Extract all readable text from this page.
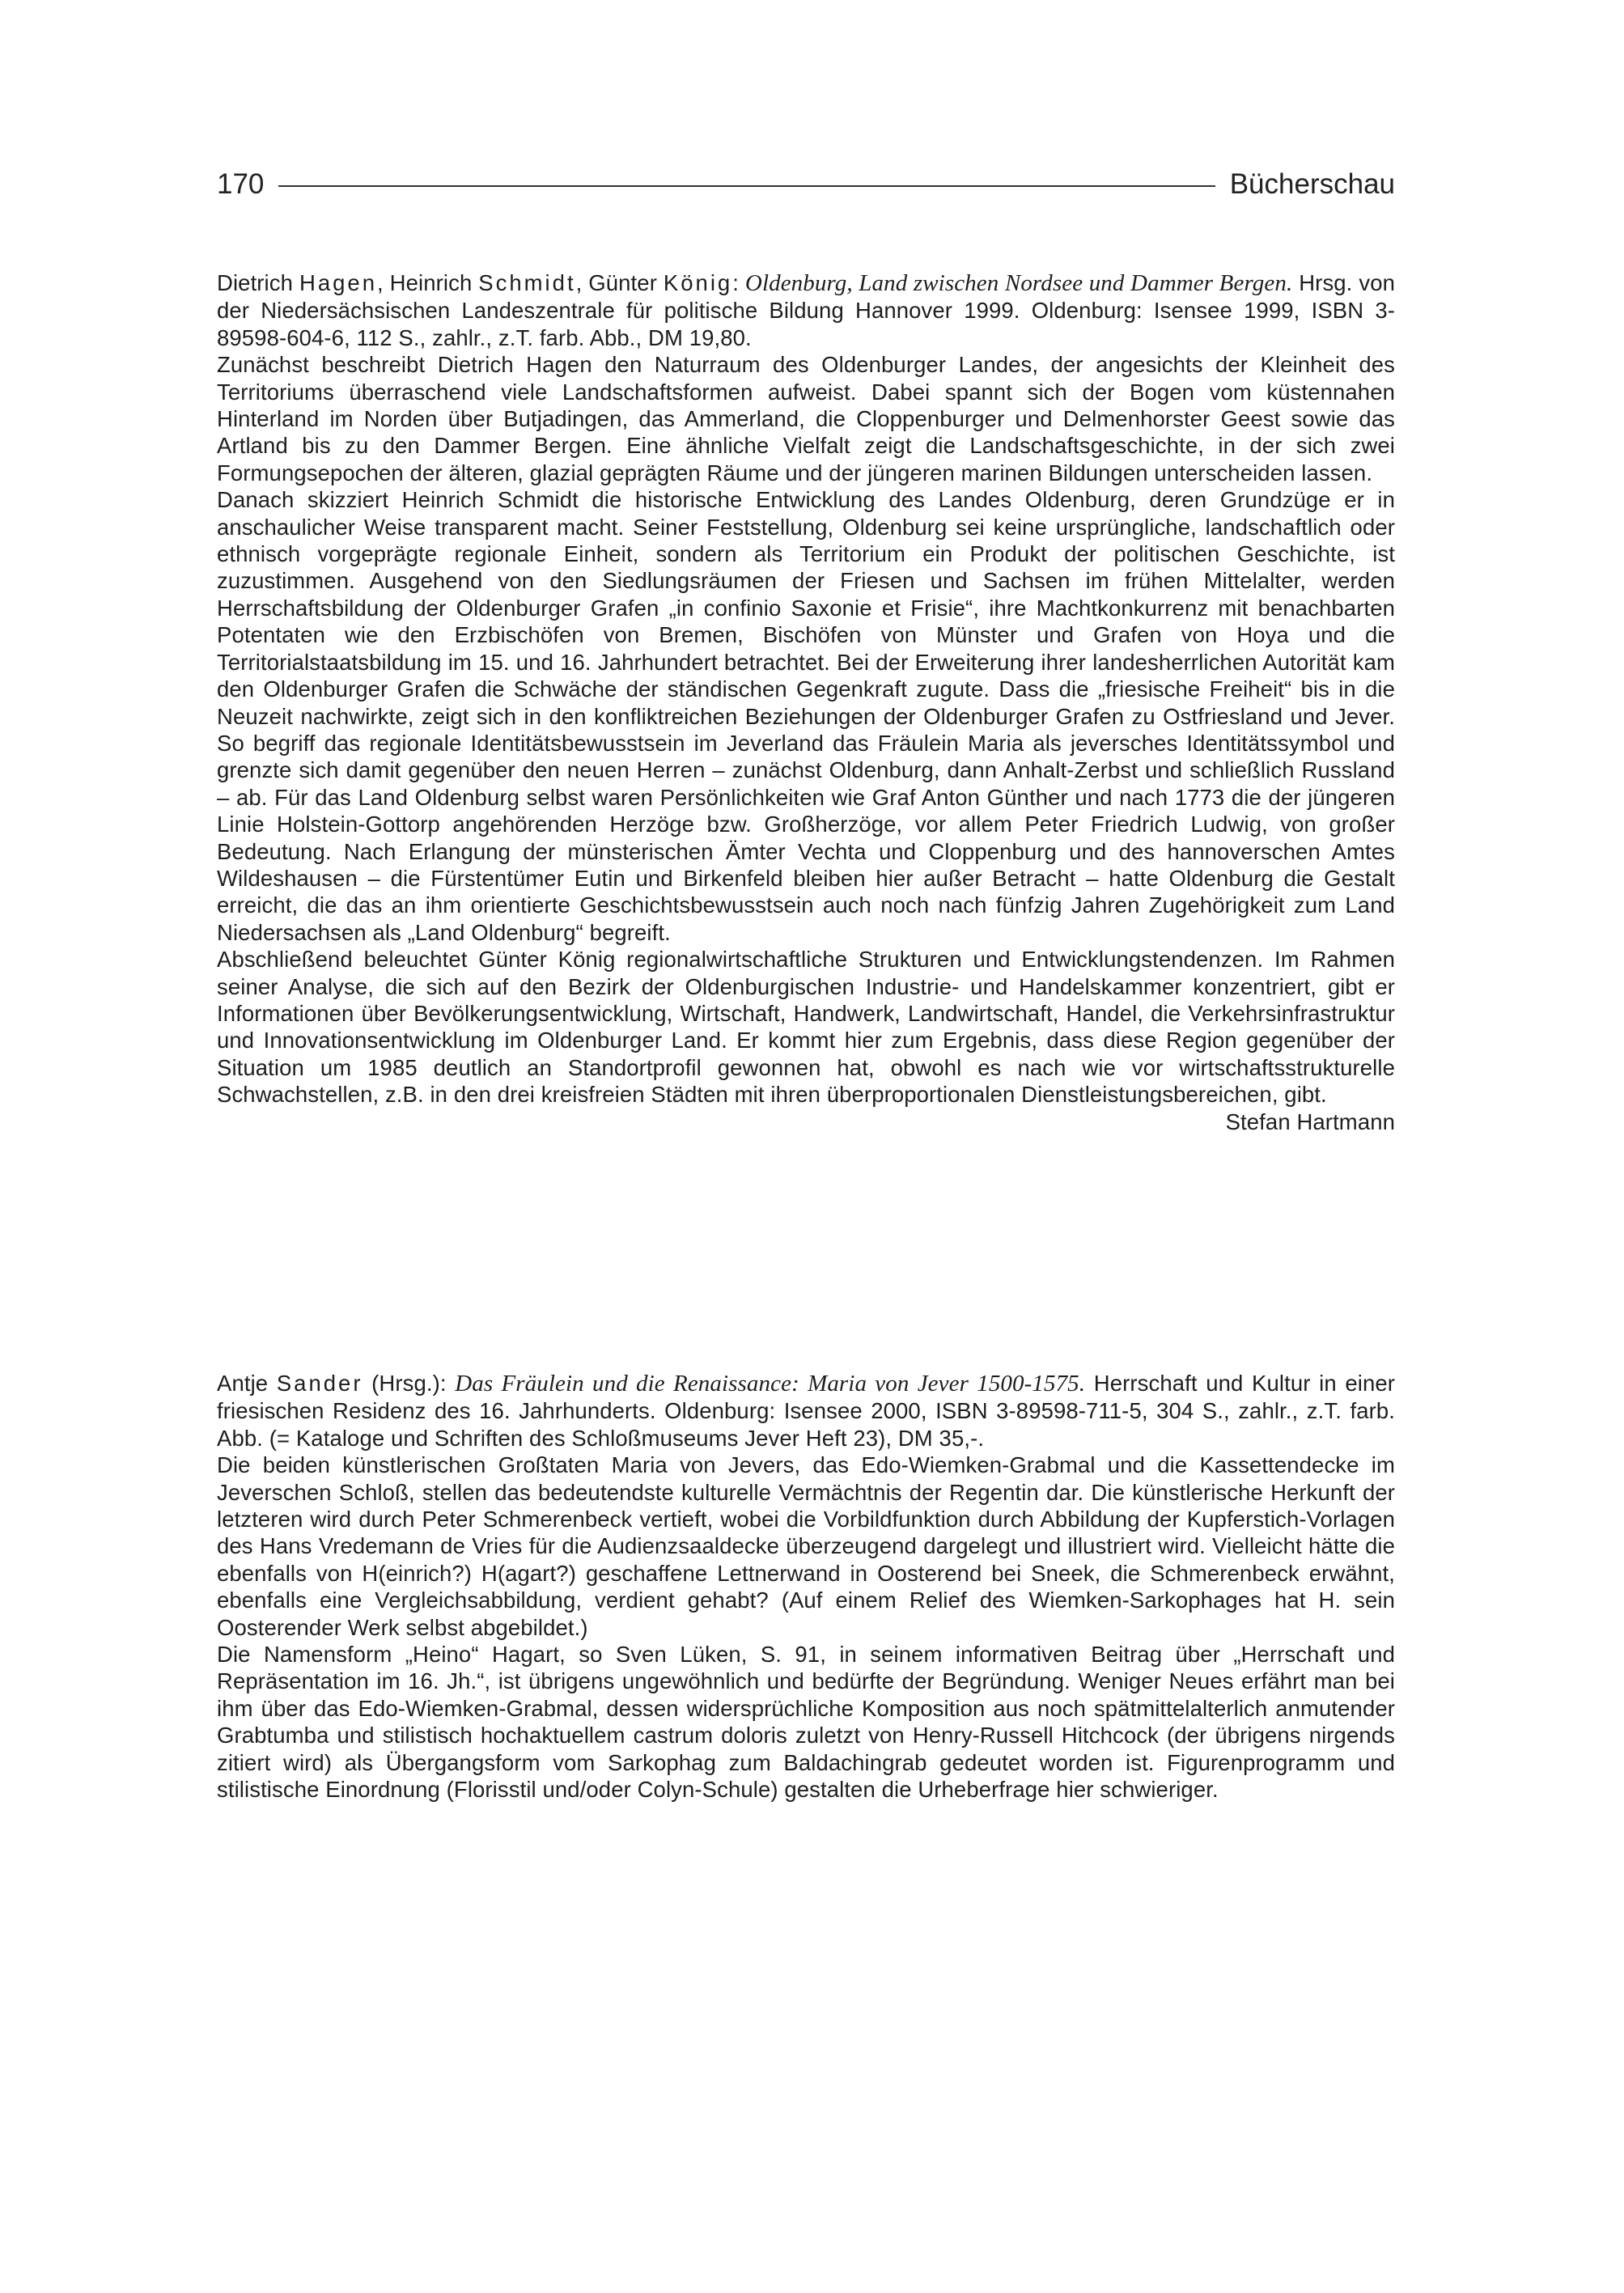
170	Bücherschau

Dietrich Hagen, Heinrich Schmidt, Günter König: Oldenburg, Land zwischen Nordsee und Dammer Bergen. Hrsg. von der Niedersächsischen Landeszentrale für politische Bildung Hannover 1999. Oldenburg: Isensee 1999, ISBN 3-89598-604-6, 112 S., zahlr., z.T. farb. Abb., DM 19,80.

Zunächst beschreibt Dietrich Hagen den Naturraum des Oldenburger Landes, der angesichts der Kleinheit des Territoriums überraschend viele Landschaftsformen aufweist. Dabei spannt sich der Bogen vom küstennahen Hinterland im Norden über Butjadingen, das Ammerland, die Cloppenburger und Delmenhorster Geest sowie das Artland bis zu den Dammer Bergen. Eine ähnliche Vielfalt zeigt die Landschaftsgeschichte, in der sich zwei Formungsepochen der älteren, glazial geprägten Räume und der jüngeren marinen Bildungen unterscheiden lassen.

Danach skizziert Heinrich Schmidt die historische Entwicklung des Landes Oldenburg, deren Grundzüge er in anschaulicher Weise transparent macht. Seiner Feststellung, Oldenburg sei keine ursprüngliche, landschaftlich oder ethnisch vorgeprägte regionale Einheit, sondern als Territorium ein Produkt der politischen Geschichte, ist zuzustimmen. Ausgehend von den Siedlungsräumen der Friesen und Sachsen im frühen Mittelalter, werden Herrschaftsbildung der Oldenburger Grafen „in confinio Saxonie et Frisie“, ihre Machtkonkurrenz mit benachbarten Potentaten wie den Erzbischöfen von Bremen, Bischöfen von Münster und Grafen von Hoya und die Territorialstaatsbildung im 15. und 16. Jahrhundert betrachtet. Bei der Erweiterung ihrer landesherrlichen Autorität kam den Oldenburger Grafen die Schwäche der ständischen Gegenkraft zugute. Dass die „friesische Freiheit“ bis in die Neuzeit nachwirkte, zeigt sich in den konfliktreichen Beziehungen der Oldenburger Grafen zu Ostfriesland und Jever. So begriff das regionale Identitätsbewusstsein im Jeverland das Fräulein Maria als jeversches Identitätssymbol und grenzte sich damit gegenüber den neuen Herren – zunächst Oldenburg, dann Anhalt-Zerbst und schließlich Russland – ab. Für das Land Oldenburg selbst waren Persönlichkeiten wie Graf Anton Günther und nach 1773 die der jüngeren Linie Holstein-Gottorp angehörenden Herzöge bzw. Großherzöge, vor allem Peter Friedrich Ludwig, von großer Bedeutung. Nach Erlangung der münsterischen Ämter Vechta und Cloppenburg und des hannoverschen Amtes Wildeshausen – die Fürstentümer Eutin und Birkenfeld bleiben hier außer Betracht – hatte Oldenburg die Gestalt erreicht, die das an ihm orientierte Geschichtsbewusstsein auch noch nach fünfzig Jahren Zugehörigkeit zum Land Niedersachsen als „Land Oldenburg“ begreift.

Abschließend beleuchtet Günter König regionalwirtschaftliche Strukturen und Entwicklungstendenzen. Im Rahmen seiner Analyse, die sich auf den Bezirk der Oldenburgischen Industrie- und Handelskammer konzentriert, gibt er Informationen über Bevölkerungsentwicklung, Wirtschaft, Handwerk, Landwirtschaft, Handel, die Verkehrsinfrastruktur und Innovationsentwicklung im Oldenburger Land. Er kommt hier zum Ergebnis, dass diese Region gegenüber der Situation um 1985 deutlich an Standortprofil gewonnen hat, obwohl es nach wie vor wirtschaftsstrukturelle Schwachstellen, z.B. in den drei kreisfreien Städten mit ihren überproportionalen Dienstleistungsbereichen, gibt.

Stefan Hartmann

Antje Sander (Hrsg.): Das Fräulein und die Renaissance: Maria von Jever 1500-1575. Herrschaft und Kultur in einer friesischen Residenz des 16. Jahrhunderts. Oldenburg: Isensee 2000, ISBN 3-89598-711-5, 304 S., zahlr., z.T. farb. Abb. (= Kataloge und Schriften des Schloßmuseums Jever Heft 23), DM 35,-.

Die beiden künstlerischen Großtaten Maria von Jevers, das Edo-Wiemken-Grabmal und die Kassettendecke im Jeverschen Schloß, stellen das bedeutendste kulturelle Vermächtnis der Regentin dar. Die künstlerische Herkunft der letzteren wird durch Peter Schmerenbeck vertieft, wobei die Vorbildfunktion durch Abbildung der Kupferstich-Vorlagen des Hans Vredemann de Vries für die Audienzsaaldecke überzeugend dargelegt und illustriert wird. Vielleicht hätte die ebenfalls von H(einrich?) H(agart?) geschaffene Lettnerwand in Oosterend bei Sneek, die Schmerenbeck erwähnt, ebenfalls eine Vergleichsabbildung, verdient gehabt? (Auf einem Relief des Wiemken-Sarkophages hat H. sein Oosterender Werk selbst abgebildet.)

Die Namensform „Heino“ Hagart, so Sven Lüken, S. 91, in seinem informativen Beitrag über „Herrschaft und Repräsentation im 16. Jh.“, ist übrigens ungewöhnlich und bedürfte der Begründung. Weniger Neues erfährt man bei ihm über das Edo-Wiemken-Grabmal, dessen widersprüchliche Komposition aus noch spätmittelalterlich anmutender Grabtumba und stilistisch hochaktuellem castrum doloris zuletzt von Henry-Russell Hitchcock (der übrigens nirgends zitiert wird) als Übergangsform vom Sarkophag zum Baldachingrab gedeutet worden ist. Figurenprogramm und stilistische Einordnung (Florisstil und/oder Colyn-Schule) gestalten die Urheberfrage hier schwieriger.
